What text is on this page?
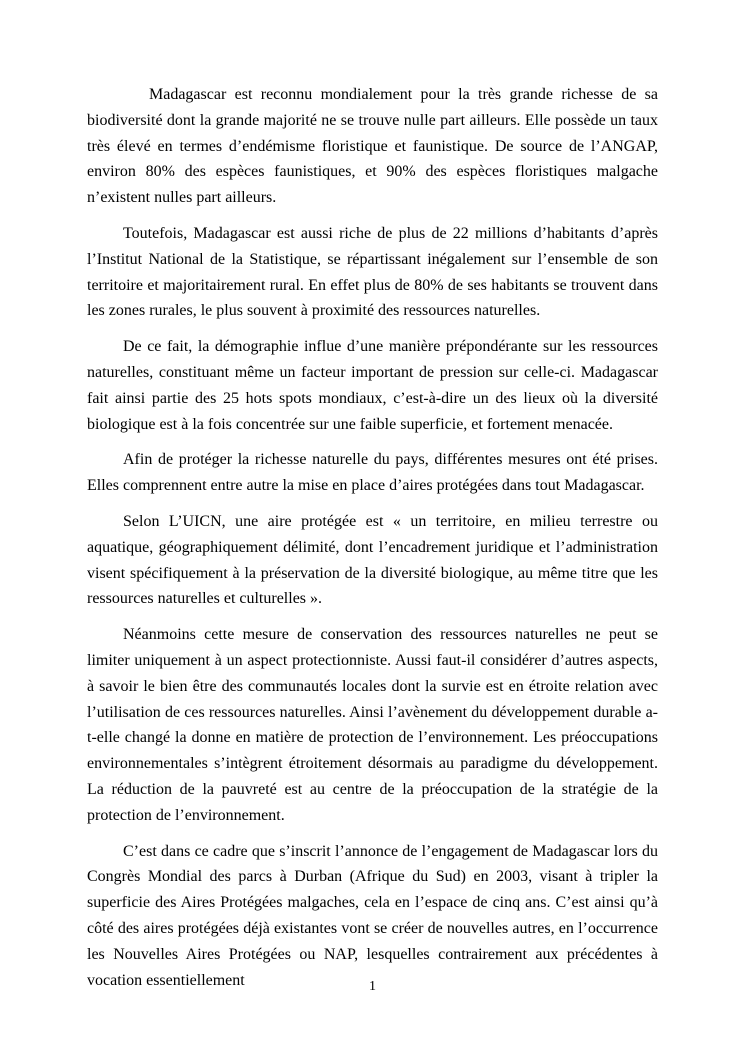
Madagascar est reconnu mondialement pour la très grande richesse de sa biodiversité dont la grande majorité ne se trouve nulle part ailleurs. Elle possède un taux très élevé en termes d’endémisme floristique et faunistique. De source de l’ANGAP, environ 80% des espèces faunistiques, et 90% des espèces floristiques malgache n’existent nulles part ailleurs.

Toutefois, Madagascar est aussi riche de plus de 22 millions d’habitants d’après l’Institut National de la Statistique, se répartissant inégalement sur l’ensemble de son territoire et majoritairement rural. En effet plus de 80% de ses habitants se trouvent dans les zones rurales, le plus souvent à proximité des ressources naturelles.

De ce fait, la démographie influe d’une manière prépondérante sur les ressources naturelles, constituant même un facteur important de pression sur celle-ci. Madagascar fait ainsi partie des 25 hots spots mondiaux, c’est-à-dire un des lieux où la diversité biologique est à la fois concentrée sur une faible superficie, et fortement menacée.

Afin de protéger la richesse naturelle du pays, différentes mesures ont été prises. Elles comprennent entre autre la mise en place d’aires protégées dans tout Madagascar.

Selon L’UICN, une aire protégée est « un territoire, en milieu terrestre ou aquatique, géographiquement délimité, dont l’encadrement juridique et l’administration visent spécifiquement à la préservation de la diversité biologique, au même titre que les ressources naturelles et culturelles ».

Néanmoins cette mesure de conservation des ressources naturelles ne peut se limiter uniquement à un aspect protectionniste. Aussi faut-il considérer d’autres aspects, à savoir le bien être des communautés locales dont la survie est en étroite relation avec l’utilisation de ces ressources naturelles. Ainsi l’avènement du développement durable a-t-elle changé la donne en matière de protection de l’environnement. Les préoccupations environnementales s’intègrent étroitement désormais au paradigme du développement. La réduction de la pauvreté est au centre de la préoccupation de la stratégie de la protection de l’environnement.

C’est dans ce cadre que s’inscrit l’annonce de l’engagement de Madagascar lors du Congrès Mondial des parcs à Durban (Afrique du Sud) en 2003, visant à tripler la superficie des Aires Protégées malgaches, cela en l’espace de cinq ans. C’est ainsi qu’à côté des aires protégées déjà existantes vont se créer de nouvelles autres, en l’occurrence les Nouvelles Aires Protégées ou NAP, lesquelles contrairement aux précédentes à vocation essentiellement	1
